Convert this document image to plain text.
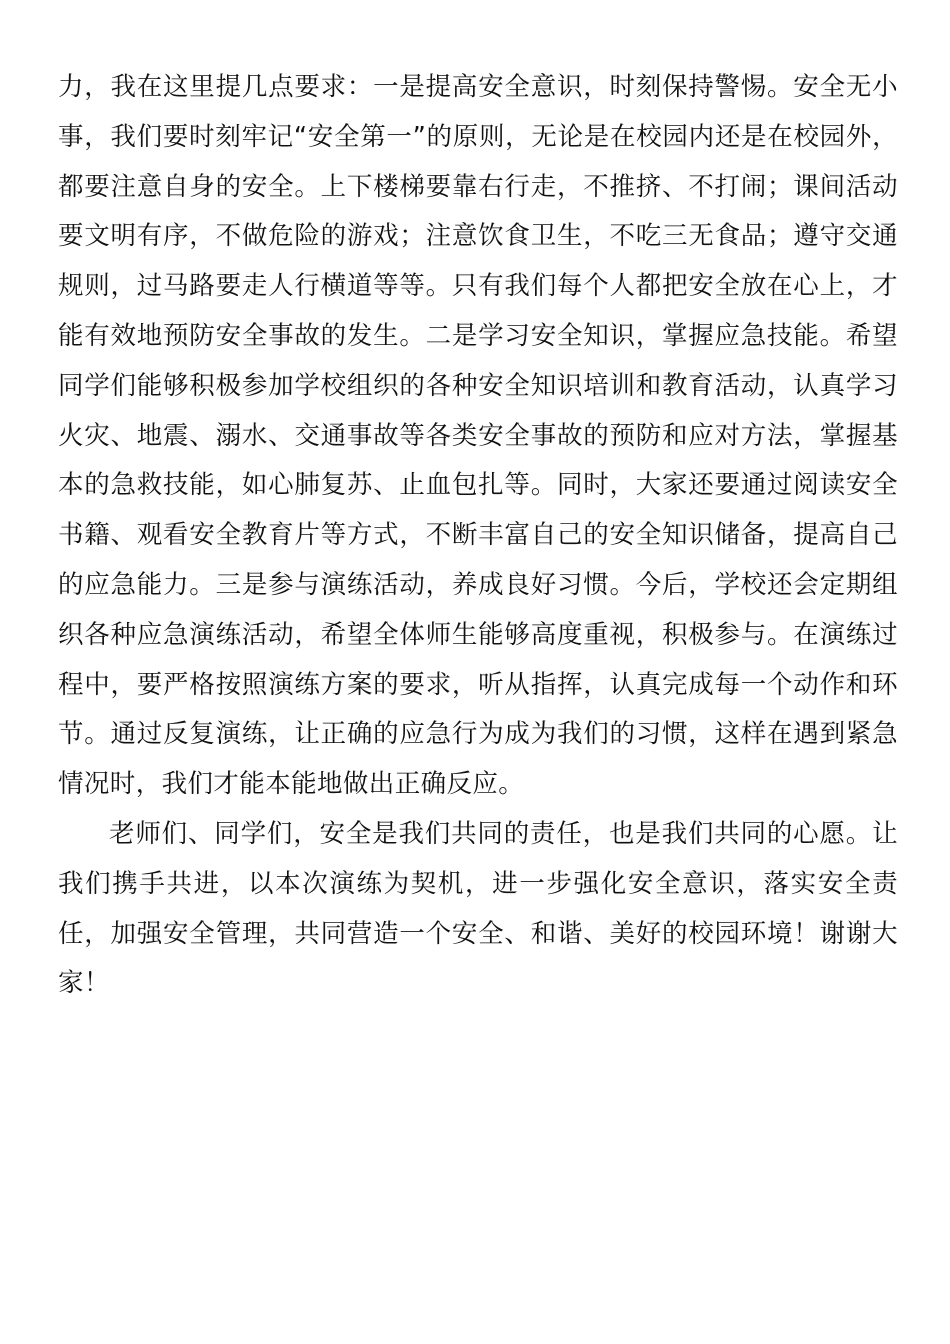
力，我在这里提几点要求：一是提高安全意识，时刻保持警惕。安全无小事，我们要时刻牢记“安全第一”的原则，无论是在校园内还是在校园外，都要注意自身的安全。上下楼梯要靠右行走，不推挤、不打闹；课间活动要文明有序，不做危险的游戏；注意饮食卫生，不吃三无食品；遵守交通规则，过马路要走人行横道等等。只有我们每个人都把安全放在心上，才能有效地预防安全事故的发生。二是学习安全知识，掌握应急技能。希望同学们能够积极参加学校组织的各种安全知识培训和教育活动，认真学习火灾、地震、溺水、交通事故等各类安全事故的预防和应对方法，掌握基本的急救技能，如心肺复苏、止血包扎等。同时，大家还要通过阅读安全书籍、观看安全教育片等方式，不断丰富自己的安全知识储备，提高自己的应急能力。三是参与演练活动，养成良好习惯。今后，学校还会定期组织各种应急演练活动，希望全体师生能够高度重视，积极参与。在演练过程中，要严格按照演练方案的要求，听从指挥，认真完成每一个动作和环节。通过反复演练，让正确的应急行为成为我们的习惯，这样在遇到紧急情况时，我们才能本能地做出正确反应。

老师们、同学们，安全是我们共同的责任，也是我们共同的心愿。让我们携手共进，以本次演练为契机，进一步强化安全意识，落实安全责任，加强安全管理，共同营造一个安全、和谐、美好的校园环境！谢谢大家！
